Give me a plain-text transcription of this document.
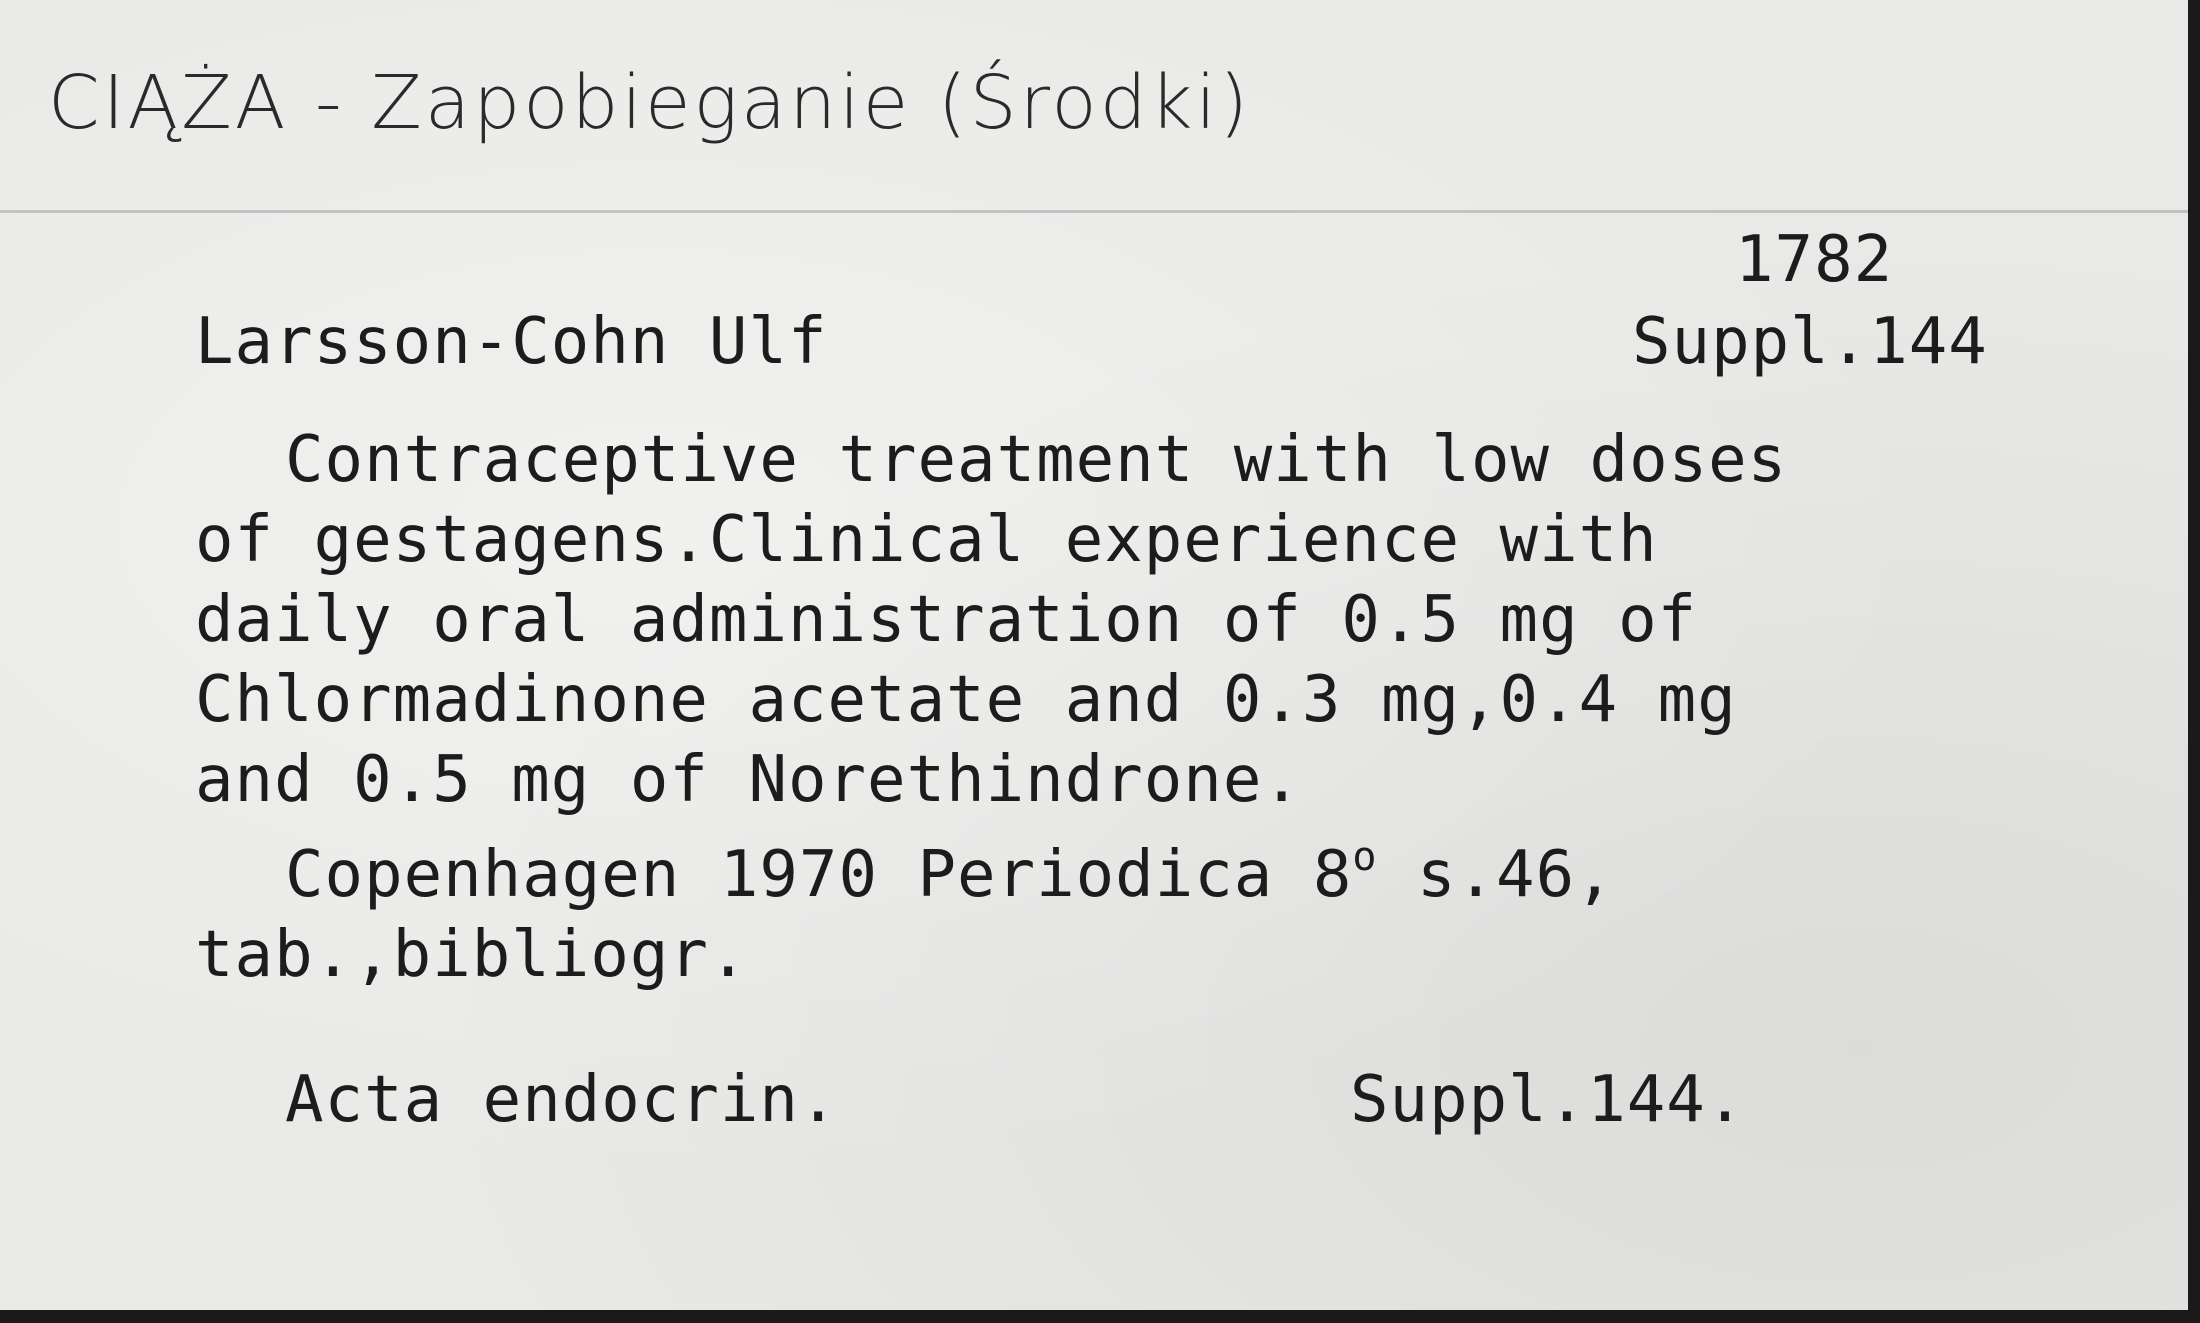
CIĄŻA - Zapobieganie (Środki)
1782
Larsson-Cohn Ulf	Suppl.144
Contraceptive treatment with low doses
of gestagens.Clinical experience with
daily oral administration of 0.5 mg of
Chlormadinone acetate and 0.3 mg,0.4 mg
and 0.5 mg of Norethindrone.
Copenhagen 1970 Periodica 8$^o$ s.46,
tab.,bibliogr.
Acta endocrin.	Suppl.144.
